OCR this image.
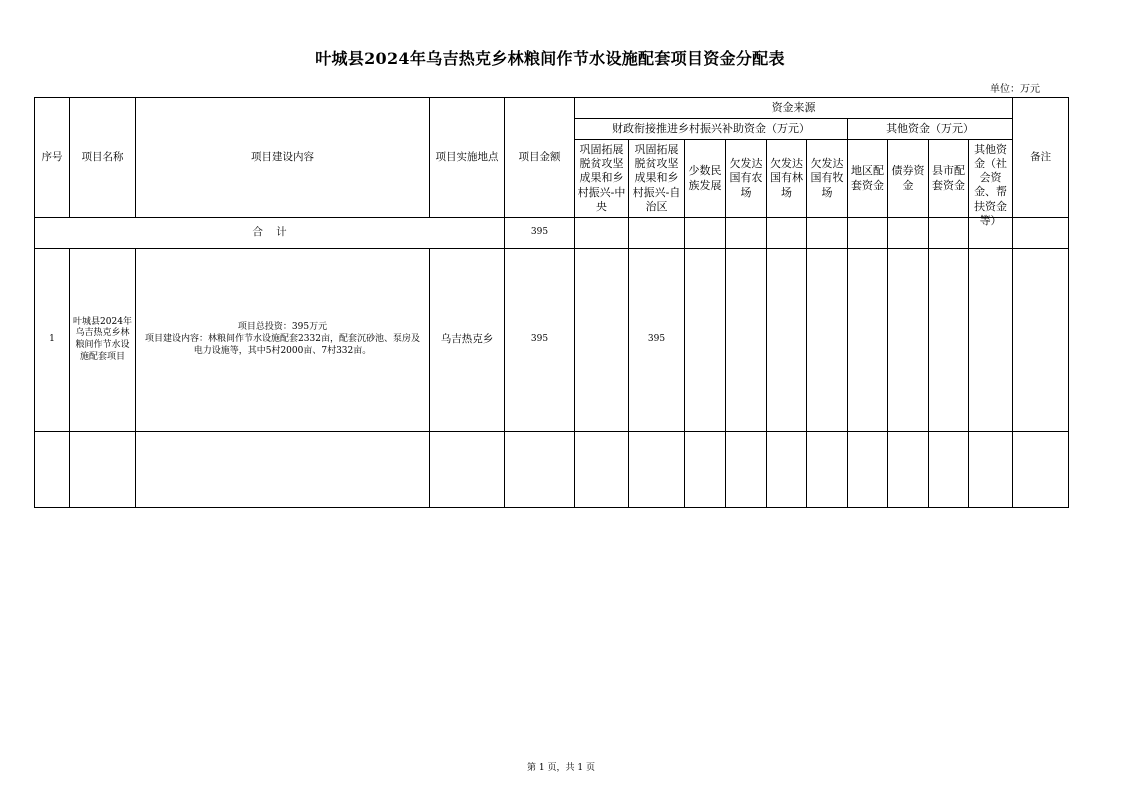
叶城县2024年乌吉热克乡林粮间作节水设施配套项目资金分配表
单位：万元
序号	项目名称	项目建设内容	项目实施地点	项目金额	资金来源										备注
					财政衔接推进乡村振兴补助资金（万元）						其他资金（万元）				
					巩固拓展脱贫攻坚成果和乡村振兴-中央	巩固拓展脱贫攻坚成果和乡村振兴-自治区	少数民族发展	欠发达国有农场	欠发达国有林场	欠发达国有牧场	地区配套资金	债券资金	县市配套资金	其他资金（社会资金、帮扶资金等）	

合    计				395											
1	叶城县2024年乌吉热克乡林粮间作节水设施配套项目	项目总投资：395万元
项目建设内容：林粮间作节水设施配套2332亩，配套沉砂池、泵房及
电力设施等，其中5村2000亩、7村332亩。	乌吉热克乡	395		395									

第 1 页，共 1 页
